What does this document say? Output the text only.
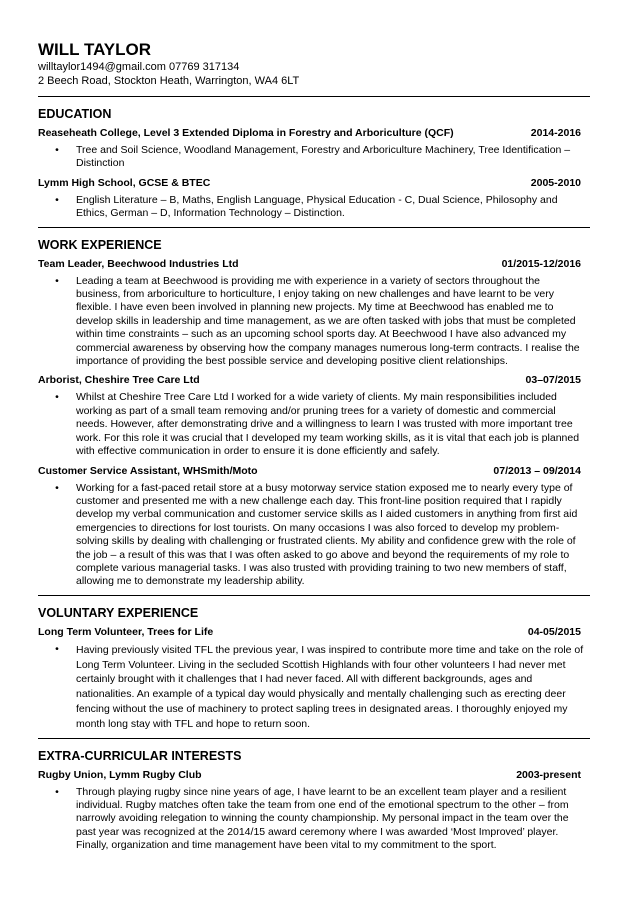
WILL TAYLOR
willtaylor1494@gmail.com 07769 317134
2 Beech Road, Stockton Heath, Warrington, WA4 6LT
EDUCATION
Reaseheath College, Level 3 Extended Diploma in Forestry and Arboriculture (QCF)	2014-2016
•	Tree and Soil Science, Woodland Management, Forestry and Arboriculture Machinery, Tree Identification – Distinction
Lymm High School, GCSE & BTEC	2005-2010
•	English Literature – B, Maths, English Language, Physical Education - C, Dual Science, Philosophy and Ethics, German – D, Information Technology – Distinction.
WORK EXPERIENCE
Team Leader, Beechwood Industries Ltd	01/2015-12/2016
•	Leading a team at Beechwood is providing me with experience in a variety of sectors throughout the business, from arboriculture to horticulture, I enjoy taking on new challenges and have learnt to be very flexible. I have even been involved in planning new projects. My time at Beechwood has enabled me to develop skills in leadership and time management, as we are often tasked with jobs that must be completed within time constraints – such as an upcoming school sports day. At Beechwood I have also advanced my commercial awareness by observing how the company manages numerous long-term contracts. I realise the importance of providing the best possible service and developing positive client relationships.
Arborist, Cheshire Tree Care Ltd	03–07/2015
•	Whilst at Cheshire Tree Care Ltd I worked for a wide variety of clients. My main responsibilities included working as part of a small team removing and/or pruning trees for a variety of domestic and commercial needs. However, after demonstrating drive and a willingness to learn I was trusted with more important tree work. For this role it was crucial that I developed my team working skills, as it is vital that each job is planned with effective communication in order to ensure it is done efficiently and safely.
Customer Service Assistant, WHSmith/Moto	07/2013 – 09/2014
•	Working for a fast-paced retail store at a busy motorway service station exposed me to nearly every type of customer and presented me with a new challenge each day. This front-line position required that I rapidly develop my verbal communication and customer service skills as I aided customers in anything from first aid emergencies to directions for lost tourists. On many occasions I was also forced to develop my problem-solving skills by dealing with challenging or frustrated clients. My ability and confidence grew with the role of the job – a result of this was that I was often asked to go above and beyond the requirements of my role to complete various managerial tasks. I was also trusted with providing training to two new members of staff, allowing me to demonstrate my leadership ability.
VOLUNTARY EXPERIENCE
Long Term Volunteer, Trees for Life	04-05/2015
•	Having previously visited TFL the previous year, I was inspired to contribute more time and take on the role of Long Term Volunteer. Living in the secluded Scottish Highlands with four other volunteers I had never met certainly brought with it challenges that I had never faced. All with different backgrounds, ages and nationalities. An example of a typical day would physically and mentally challenging such as erecting deer fencing without the use of machinery to protect sapling trees in designated areas. I thoroughly enjoyed my month long stay with TFL and hope to return soon.
EXTRA-CURRICULAR INTERESTS
Rugby Union, Lymm Rugby Club	2003-present
•	Through playing rugby since nine years of age, I have learnt to be an excellent team player and a resilient individual. Rugby matches often take the team from one end of the emotional spectrum to the other – from narrowly avoiding relegation to winning the county championship. My personal impact in the team over the past year was recognized at the 2014/15 award ceremony where I was awarded ‘Most Improved’ player. Finally, organization and time management have been vital to my commitment to the sport.
